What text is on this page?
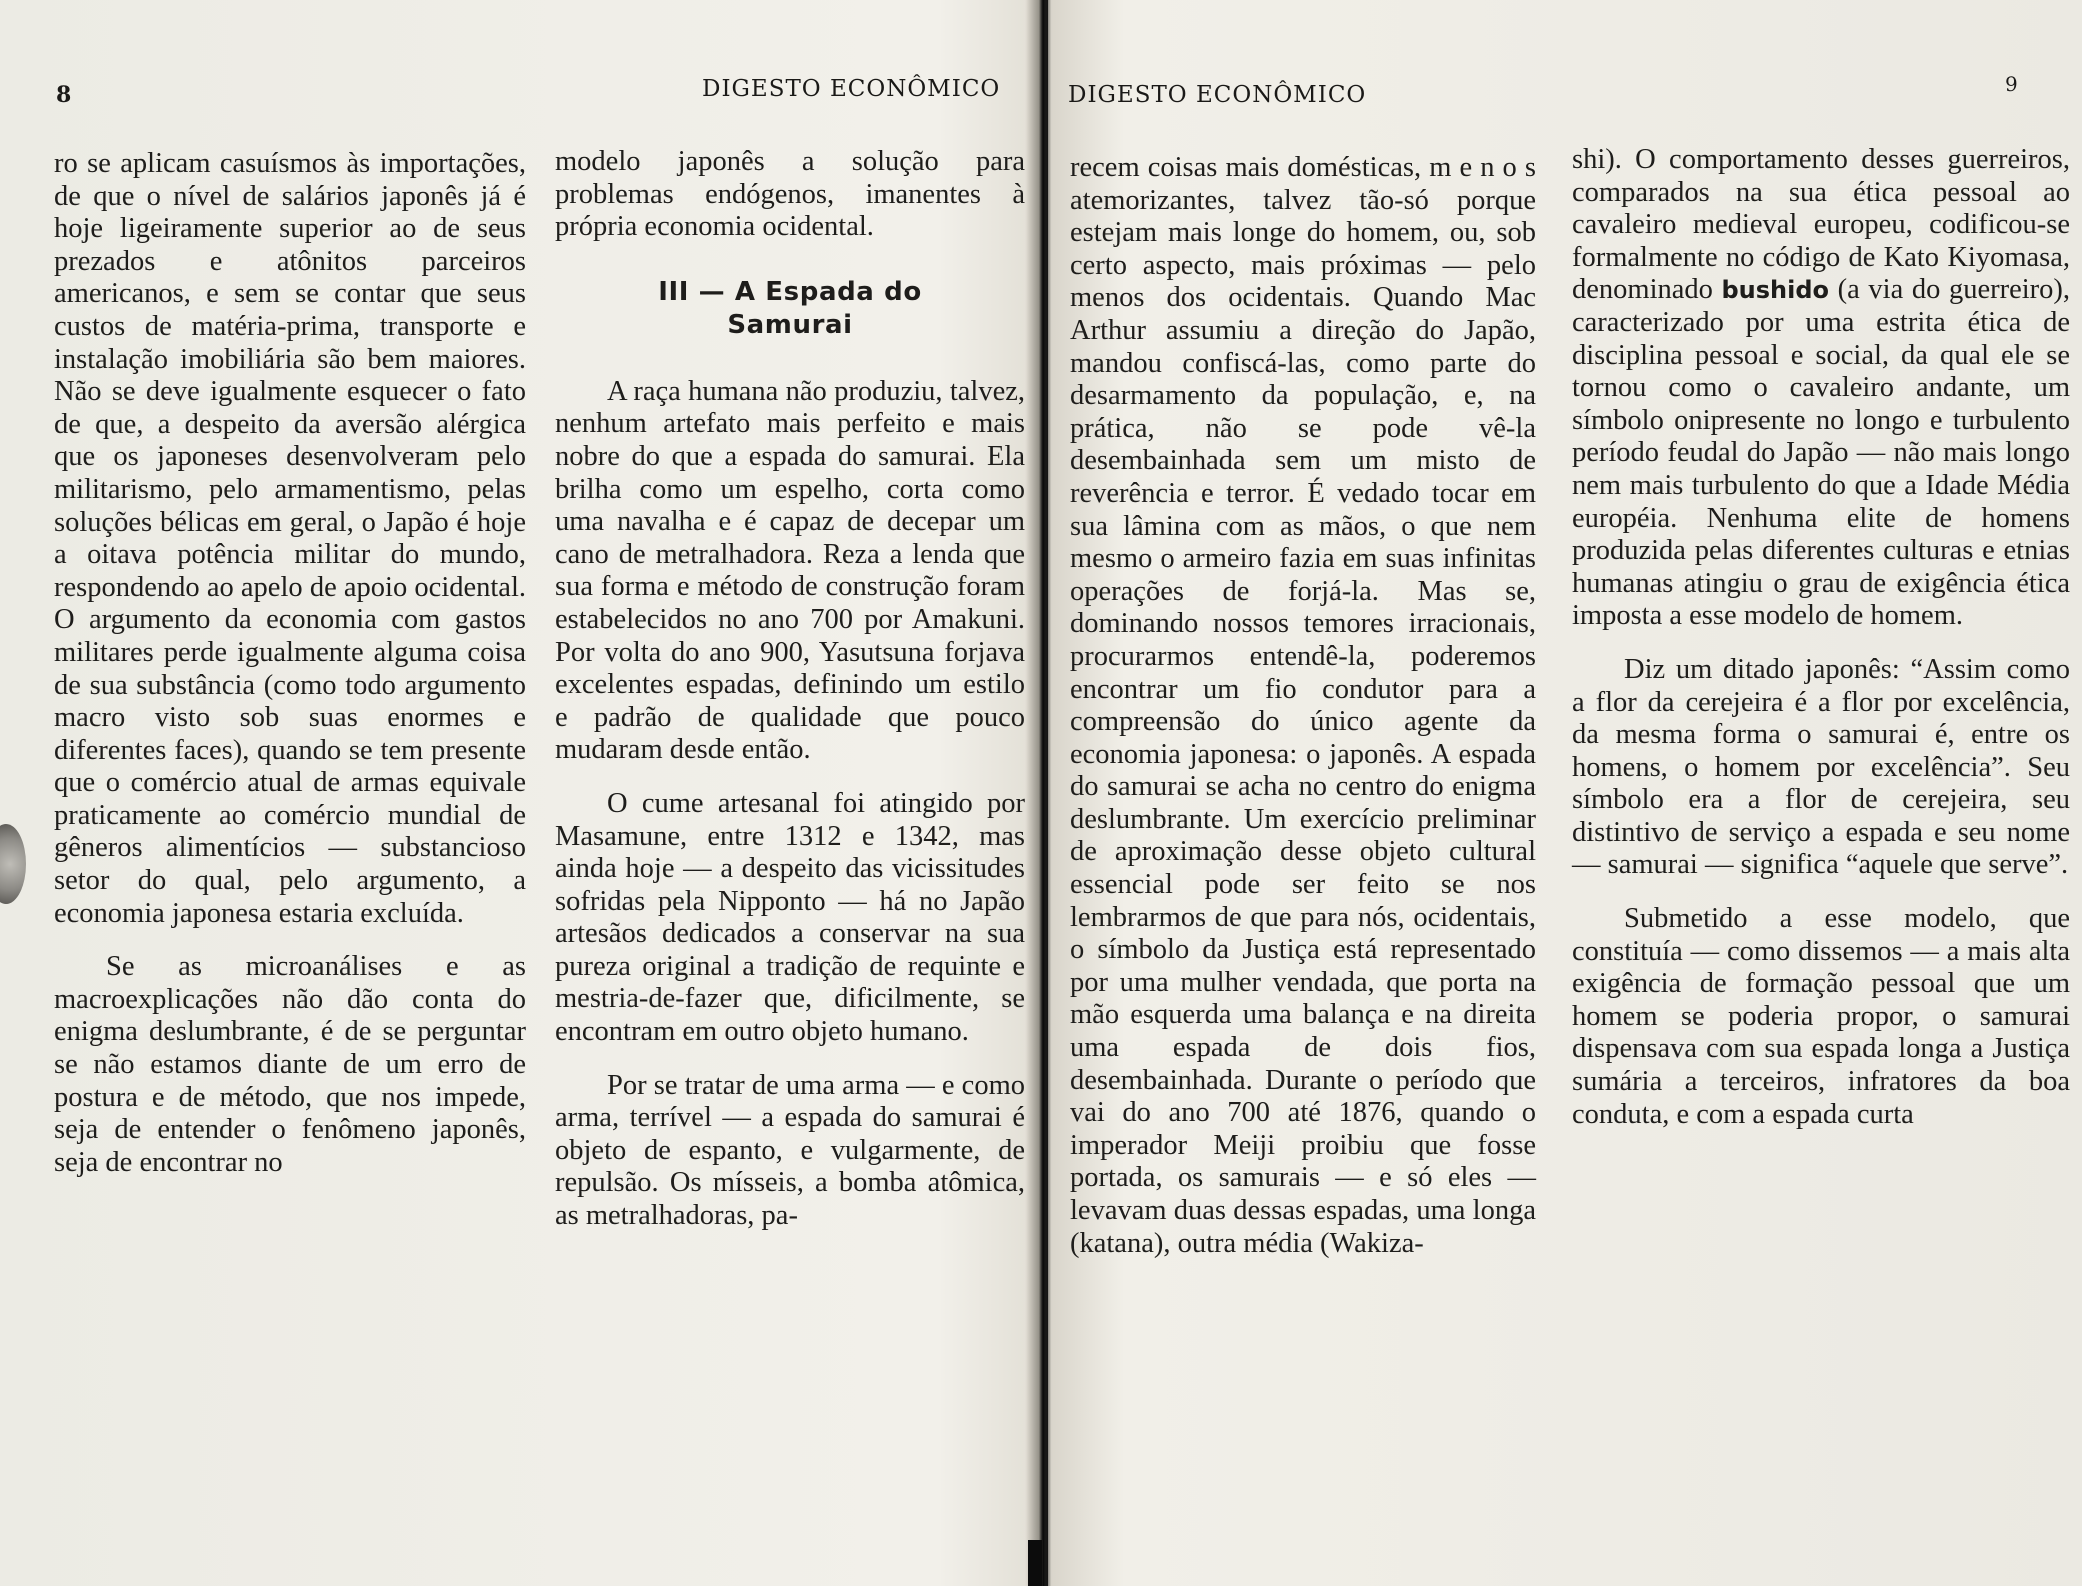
8	DIGESTO ECONÔMICO

ro se aplicam casuísmos às importações, de que o nível de salários japonês já é hoje ligeiramente superior ao de seus prezados e atônitos parceiros americanos, e sem se contar que seus custos de matéria-prima, transporte e instalação imobiliária são bem maiores. Não se deve igualmente esquecer o fato de que, a despeito da aversão alérgica que os japoneses desenvolveram pelo militarismo, pelo armamentismo, pelas soluções bélicas em geral, o Japão é hoje a oitava potência militar do mundo, respondendo ao apelo de apoio ocidental. O argumento da economia com gastos militares perde igualmente alguma coisa de sua substância (como todo argumento macro visto sob suas enormes e diferentes faces), quando se tem presente que o comércio atual de armas equivale praticamente ao comércio mundial de gêneros alimentícios — substancioso setor do qual, pelo argumento, a economia japonesa estaria excluída.

Se as microanálises e as macroexplicações não dão conta do enigma deslumbrante, é de se perguntar se não estamos diante de um erro de postura e de método, que nos impede, seja de entender o fenômeno japonês, seja de encontrar no

modelo japonês a solução para problemas endógenos, imanentes à própria economia ocidental.

III — A Espada do
Samurai

A raça humana não produziu, talvez, nenhum artefato mais perfeito e mais nobre do que a espada do samurai. Ela brilha como um espelho, corta como uma navalha e é capaz de decepar um cano de metralhadora. Reza a lenda que sua forma e método de construção foram estabelecidos no ano 700 por Amakuni. Por volta do ano 900, Yasutsuna forjava excelentes espadas, definindo um estilo e padrão de qualidade que pouco mudaram desde então.

O cume artesanal foi atingido por Masamune, entre 1312 e 1342, mas ainda hoje — a despeito das vicissitudes sofridas pela Nipponto — há no Japão artesãos dedicados a conservar na sua pureza original a tradição de requinte e mestria-de-fazer que, dificilmente, se encontram em outro objeto humano.

Por se tratar de uma arma — e como arma, terrível — a espada do samurai é objeto de espanto, e vulgarmente, de repulsão. Os mísseis, a bomba atômica, as metralhadoras, pa-

DIGESTO ECONÔMICO	9

recem coisas mais domésticas, m e n o s atemorizantes, talvez tão-só porque estejam mais longe do homem, ou, sob certo aspecto, mais próximas — pelo menos dos ocidentais. Quando Mac Arthur assumiu a direção do Japão, mandou confiscá-las, como parte do desarmamento da população, e, na prática, não se pode vê-la desembainhada sem um misto de reverência e terror. É vedado tocar em sua lâmina com as mãos, o que nem mesmo o armeiro fazia em suas infinitas operações de forjá-la. Mas se, dominando nossos temores irracionais, procurarmos entendê-la, poderemos encontrar um fio condutor para a compreensão do único agente da economia japonesa: o japonês. A espada do samurai se acha no centro do enigma deslumbrante. Um exercício preliminar de aproximação desse objeto cultural essencial pode ser feito se nos lembrarmos de que para nós, ocidentais, o símbolo da Justiça está representado por uma mulher vendada, que porta na mão esquerda uma balança e na direita uma espada de dois fios, desembainhada. Durante o período que vai do ano 700 até 1876, quando o imperador Meiji proibiu que fosse portada, os samurais — e só eles — levavam duas dessas espadas, uma longa (katana), outra média (Wakiza-

shi). O comportamento desses guerreiros, comparados na sua ética pessoal ao cavaleiro medieval europeu, codificou-se formalmente no código de Kato Kiyomasa, denominado bushido (a via do guerreiro), caracterizado por uma estrita ética de disciplina pessoal e social, da qual ele se tornou como o cavaleiro andante, um símbolo onipresente no longo e turbulento período feudal do Japão — não mais longo nem mais turbulento do que a Idade Média européia. Nenhuma elite de homens produzida pelas diferentes culturas e etnias humanas atingiu o grau de exigência ética imposta a esse modelo de homem.

Diz um ditado japonês: “Assim como a flor da cerejeira é a flor por excelência, da mesma forma o samurai é, entre os homens, o homem por excelência”. Seu símbolo era a flor de cerejeira, seu distintivo de serviço a espada e seu nome — samurai — significa “aquele que serve”.

Submetido a esse modelo, que constituía — como dissemos — a mais alta exigência de formação pessoal que um homem se poderia propor, o samurai dispensava com sua espada longa a Justiça sumária a terceiros, infratores da boa conduta, e com a espada curta
